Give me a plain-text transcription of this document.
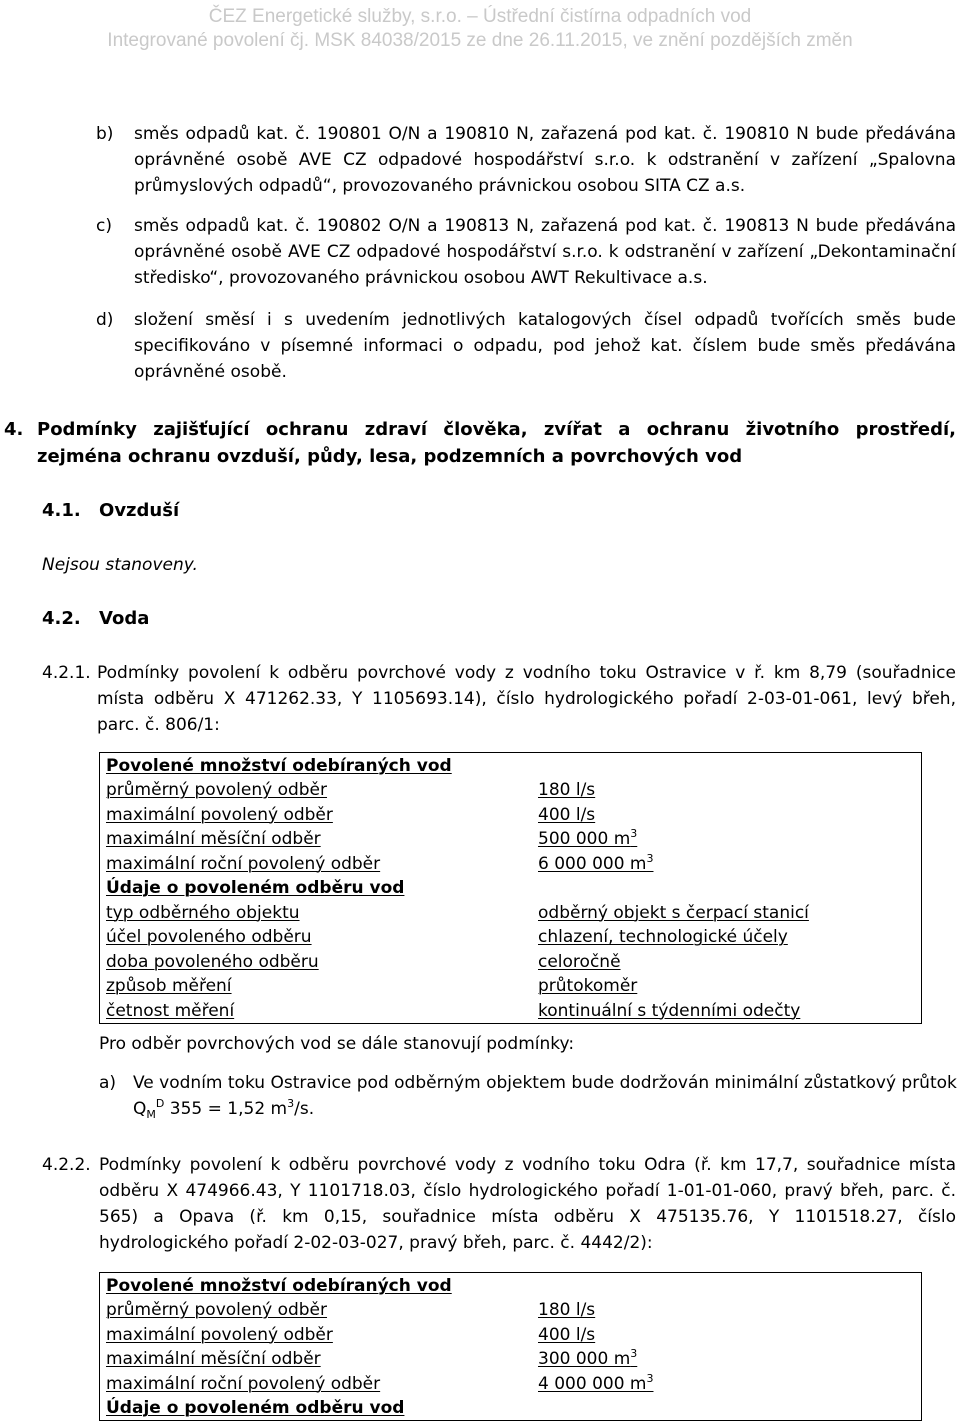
ČEZ Energetické služby, s.r.o. – Ústřední čistírna odpadních vod
Integrované povolení čj. MSK 84038/2015 ze dne 26.11.2015, ve znění pozdějších změn
b) směs odpadů kat. č. 190801 O/N a 190810 N, zařazená pod kat. č. 190810 N bude předávána oprávněné osobě AVE CZ odpadové hospodářství s.r.o. k odstranění v zařízení „Spalovna průmyslových odpadů“, provozovaného právnickou osobou SITA CZ a.s.
c) směs odpadů kat. č. 190802 O/N a 190813 N, zařazená pod kat. č. 190813 N bude předávána oprávněné osobě AVE CZ odpadové hospodářství s.r.o. k odstranění v zařízení „Dekontaminační středisko“, provozovaného právnickou osobou AWT Rekultivace a.s.
d) složení směsí i s uvedením jednotlivých katalogových čísel odpadů tvořících směs bude specifikováno v písemné informaci o odpadu, pod jehož kat. číslem bude směs předávána oprávněné osobě.
4. Podmínky zajišťující ochranu zdraví člověka, zvířat a ochranu životního prostředí, zejména ochranu ovzduší, půdy, lesa, podzemních a povrchových vod
4.1. Ovzduší
Nejsou stanoveny.
4.2. Voda
4.2.1. Podmínky povolení k odběru povrchové vody z vodního toku Ostravice v ř. km 8,79 (souřadnice místa odběru X 471262.33, Y 1105693.14), číslo hydrologického pořadí 2-03-01-061, levý břeh, parc. č. 806/1:
Povolené množství odebíraných vod	
průměrný povolený odběr	180 l/s
maximální povolený odběr	400 l/s
maximální měsíční odběr	500 000 $m^3$
maximální roční povolený odběr	6 000 000 $m^3$
Údaje o povoleném odběru vod	
typ odběrného objektu	odběrný objekt s čerpací stanicí
účel povoleného odběru	chlazení, technologické účely
doba povoleného odběru	celoročně
způsob měření	průtokoměr
četnost měření	kontinuální s týdenními odečty
Pro odběr povrchových vod se dále stanovují podmínky:
a) Ve vodním toku Ostravice pod odběrným objektem bude dodržován minimální zůstatkový průtok
$Q_M^D$ 355 = 1,52 $m^3/s$.
4.2.2. Podmínky povolení k odběru povrchové vody z vodního toku Odra (ř. km 17,7, souřadnice místa odběru X 474966.43, Y 1101718.03, číslo hydrologického pořadí 1-01-01-060, pravý břeh, parc. č. 565) a Opava (ř. km 0,15, souřadnice místa odběru X 475135.76, Y 1101518.27, číslo hydrologického pořadí 2-02-03-027, pravý břeh, parc. č. 4442/2):
Povolené množství odebíraných vod	
průměrný povolený odběr	180 l/s
maximální povolený odběr	400 l/s
maximální měsíční odběr	300 000 $m^3$
maximální roční povolený odběr	4 000 000 $m^3$
Údaje o povoleném odběru vod	
